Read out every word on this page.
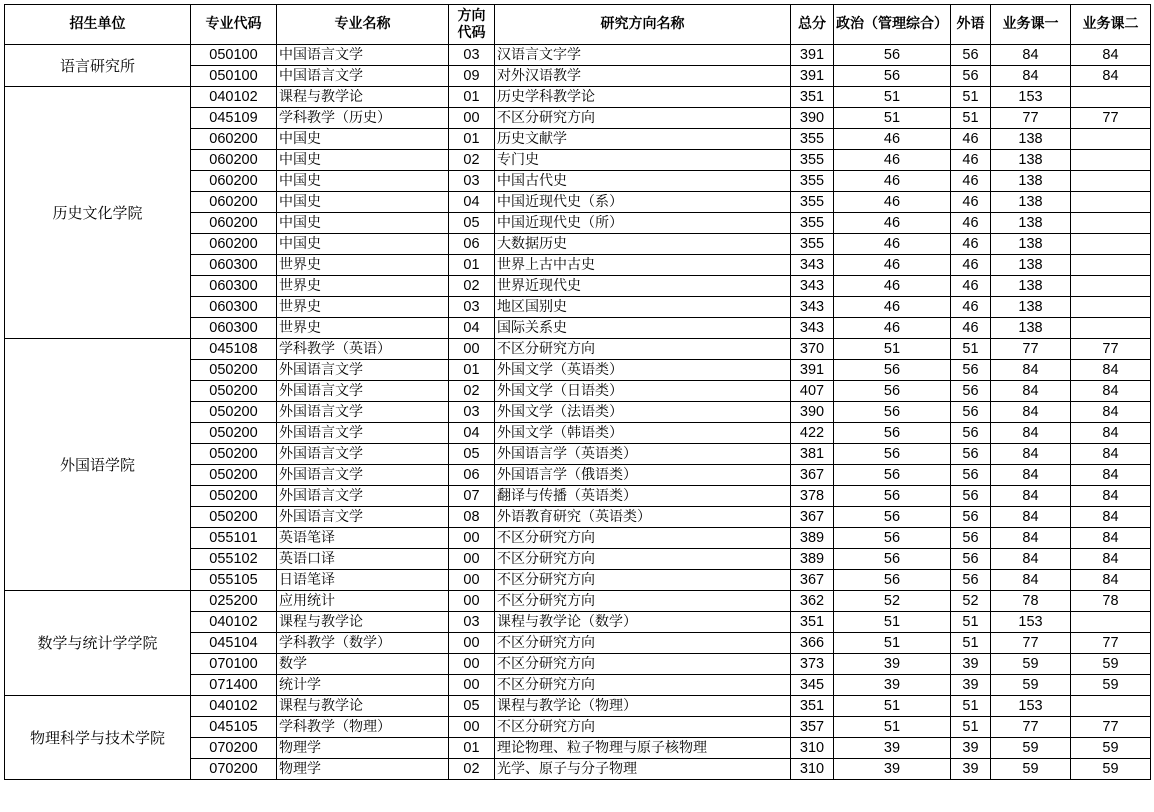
招生单位	专业代码	专业名称	方向代码	研究方向名称	总分	政治（管理综合）	外语	业务课一	业务课二
语言研究所	050100	中国语言文学	03	汉语言文字学	391	56	56	84	84
	050100	中国语言文学	09	对外汉语教学	391	56	56	84	84
历史文化学院	040102	课程与教学论	01	历史学科教学论	351	51	51	153	
	045109	学科教学（历史）	00	不区分研究方向	390	51	51	77	77
	060200	中国史	01	历史文献学	355	46	46	138	
	060200	中国史	02	专门史	355	46	46	138	
	060200	中国史	03	中国古代史	355	46	46	138	
	060200	中国史	04	中国近现代史（系）	355	46	46	138	
	060200	中国史	05	中国近现代史（所）	355	46	46	138	
	060200	中国史	06	大数据历史	355	46	46	138	
	060300	世界史	01	世界上古中古史	343	46	46	138	
	060300	世界史	02	世界近现代史	343	46	46	138	
	060300	世界史	03	地区国别史	343	46	46	138	
	060300	世界史	04	国际关系史	343	46	46	138	
外国语学院	045108	学科教学（英语）	00	不区分研究方向	370	51	51	77	77
	050200	外国语言文学	01	外国文学（英语类）	391	56	56	84	84
	050200	外国语言文学	02	外国文学（日语类）	407	56	56	84	84
	050200	外国语言文学	03	外国文学（法语类）	390	56	56	84	84
	050200	外国语言文学	04	外国文学（韩语类）	422	56	56	84	84
	050200	外国语言文学	05	外国语言学（英语类）	381	56	56	84	84
	050200	外国语言文学	06	外国语言学（俄语类）	367	56	56	84	84
	050200	外国语言文学	07	翻译与传播（英语类）	378	56	56	84	84
	050200	外国语言文学	08	外语教育研究（英语类）	367	56	56	84	84
	055101	英语笔译	00	不区分研究方向	389	56	56	84	84
	055102	英语口译	00	不区分研究方向	389	56	56	84	84
	055105	日语笔译	00	不区分研究方向	367	56	56	84	84
数学与统计学学院	025200	应用统计	00	不区分研究方向	362	52	52	78	78
	040102	课程与教学论	03	课程与教学论（数学）	351	51	51	153	
	045104	学科教学（数学）	00	不区分研究方向	366	51	51	77	77
	070100	数学	00	不区分研究方向	373	39	39	59	59
	071400	统计学	00	不区分研究方向	345	39	39	59	59
物理科学与技术学院	040102	课程与教学论	05	课程与教学论（物理）	351	51	51	153	
	045105	学科教学（物理）	00	不区分研究方向	357	51	51	77	77
	070200	物理学	01	理论物理、粒子物理与原子核物理	310	39	39	59	59
	070200	物理学	02	光学、原子与分子物理	310	39	39	59	59
